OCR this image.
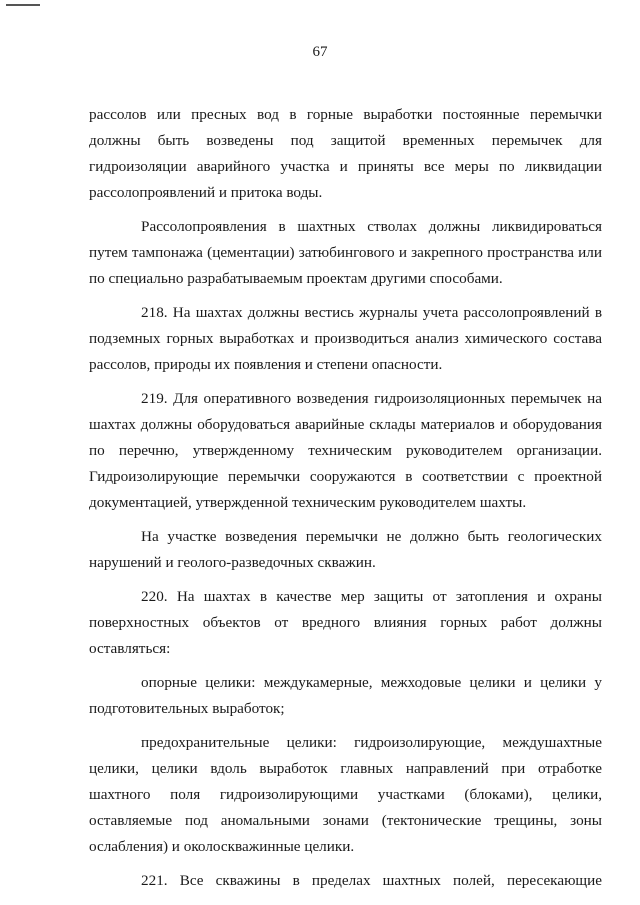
67

рассолов или пресных вод в горные выработки постоянные перемычки должны быть возведены под защитой временных перемычек для гидроизоляции аварийного участка и приняты все меры по ликвидации рассолопроявлений и притока воды.

Рассолопроявления в шахтных стволах должны ликвидироваться путем тампонажа (цементации) затюбингового и закрепного пространства или по специально разрабатываемым проектам другими способами.

218. На шахтах должны вестись журналы учета рассолопроявлений в подземных горных выработках и производиться анализ химического состава рассолов, природы их появления и степени опасности.

219. Для оперативного возведения гидроизоляционных перемычек на шахтах должны оборудоваться аварийные склады материалов и оборудования по перечню, утвержденному техническим руководителем организации. Гидроизолирующие перемычки сооружаются в соответствии с проектной документацией, утвержденной техническим руководителем шахты.

На участке возведения перемычки не должно быть геологических нарушений и геолого-разведочных скважин.

220. На шахтах в качестве мер защиты от затопления и охраны поверхностных объектов от вредного влияния горных работ должны оставляться:

опорные целики: междукамерные, межходовые целики и целики у подготовительных выработок;

предохранительные целики: гидроизолирующие, междушахтные целики, целики вдоль выработок главных направлений при отработке шахтного поля гидроизолирующими участками (блоками), целики, оставляемые под аномальными зонами (тектонические трещины, зоны ослабления) и околоскважинные целики.

221. Все скважины в пределах шахтных полей, пересекающие
